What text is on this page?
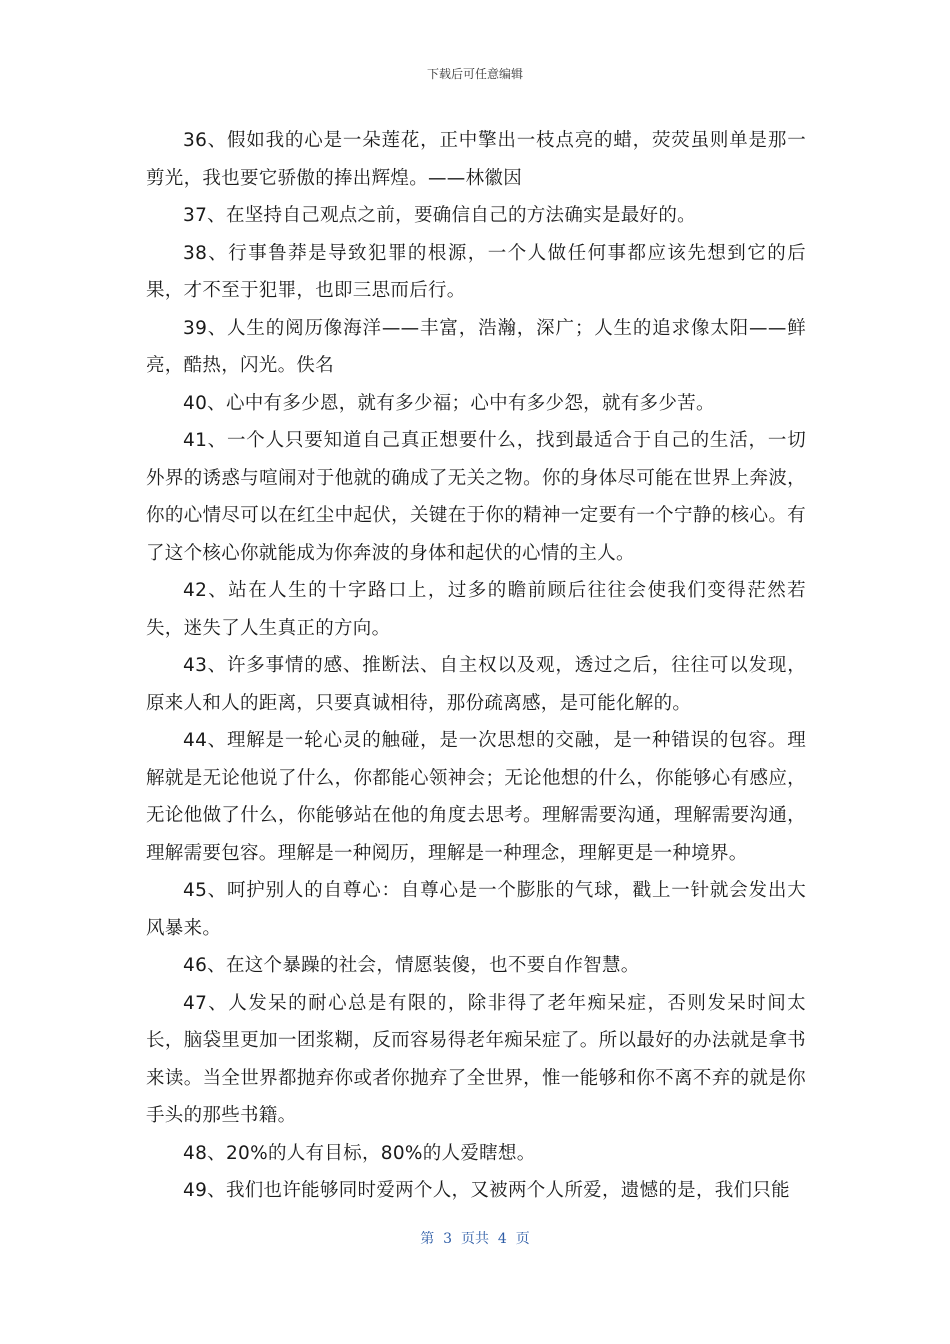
下载后可任意编辑

36、假如我的心是一朵莲花，正中擎出一枝点亮的蜡，荧荧虽则单是那一剪光，我也要它骄傲的捧出辉煌。——林徽因

37、在坚持自己观点之前，要确信自己的方法确实是最好的。

38、行事鲁莽是导致犯罪的根源，一个人做任何事都应该先想到它的后果，才不至于犯罪，也即三思而后行。

39、人生的阅历像海洋——丰富，浩瀚，深广；人生的追求像太阳——鲜亮，酷热，闪光。佚名

40、心中有多少恩，就有多少福；心中有多少怨，就有多少苦。

41、一个人只要知道自己真正想要什么，找到最适合于自己的生活，一切外界的诱惑与喧闹对于他就的确成了无关之物。你的身体尽可能在世界上奔波，你的心情尽可以在红尘中起伏，关键在于你的精神一定要有一个宁静的核心。有了这个核心你就能成为你奔波的身体和起伏的心情的主人。

42、站在人生的十字路口上，过多的瞻前顾后往往会使我们变得茫然若失，迷失了人生真正的方向。

43、许多事情的感、推断法、自主权以及观，透过之后，往往可以发现，原来人和人的距离，只要真诚相待，那份疏离感，是可能化解的。

44、理解是一轮心灵的触碰，是一次思想的交融，是一种错误的包容。理解就是无论他说了什么，你都能心领神会；无论他想的什么，你能够心有感应，无论他做了什么，你能够站在他的角度去思考。理解需要沟通，理解需要沟通，理解需要包容。理解是一种阅历，理解是一种理念，理解更是一种境界。

45、呵护别人的自尊心：自尊心是一个膨胀的气球，戳上一针就会发出大风暴来。

46、在这个暴躁的社会，情愿装傻，也不要自作智慧。

47、人发呆的耐心总是有限的，除非得了老年痴呆症，否则发呆时间太长，脑袋里更加一团浆糊，反而容易得老年痴呆症了。所以最好的办法就是拿书来读。当全世界都抛弃你或者你抛弃了全世界，惟一能够和你不离不弃的就是你手头的那些书籍。

48、20%的人有目标，80%的人爱瞎想。

49、我们也许能够同时爱两个人，又被两个人所爱，遗憾的是，我们只能

第  3  页共  4  页
